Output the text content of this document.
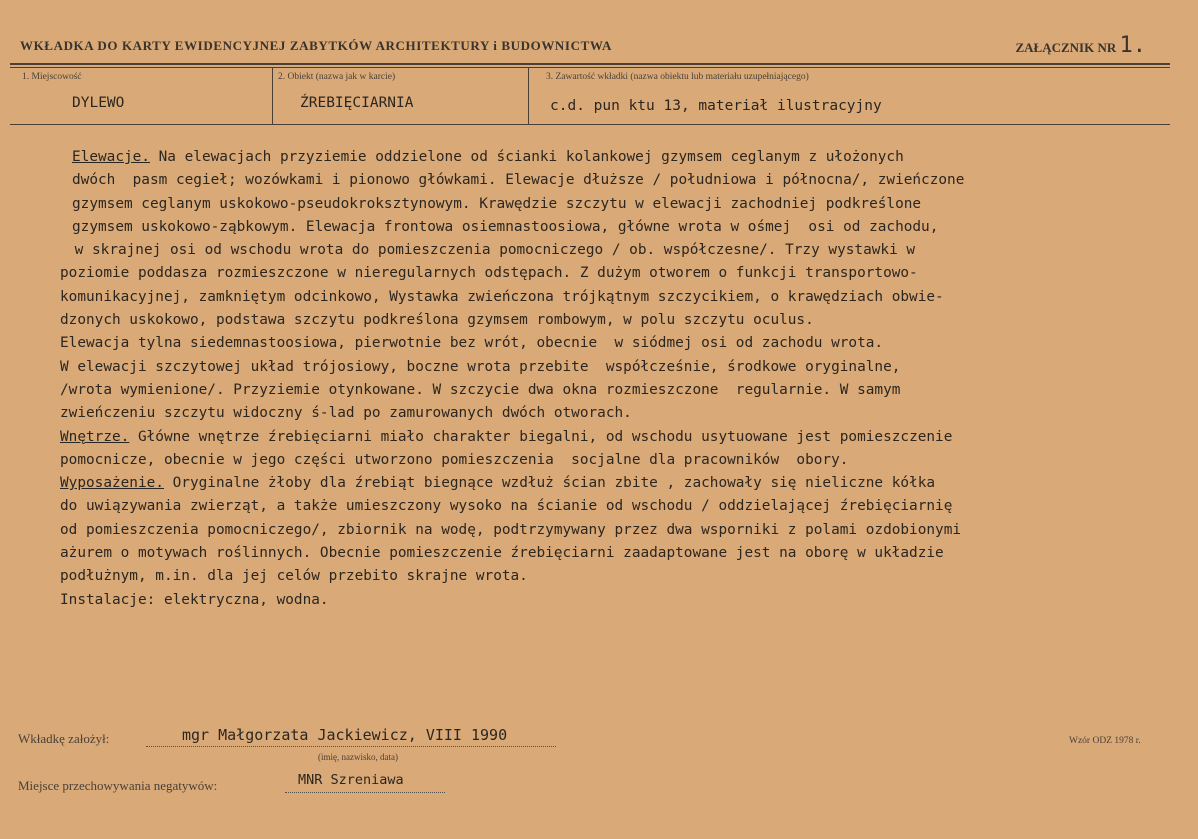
WKŁADKA DO KARTY EWIDENCYJNEJ ZABYTKÓW ARCHITEKTURY i BUDOWNICTWA	ZAŁĄCZNIK NR 1.
1. Miejscowość
DYLEWO
2. Obiekt (nazwa jak w karcie)
ŹREBIĘCIARNIA
3. Zawartość wkładki (nazwa obiektu lub materiału uzupełniającego)
c.d. pun ktu 13, materiał ilustracyjny

Elewacje. Na elewacjach przyziemie oddzielone od ścianki kolankowej gzymsem ceglanym z ułożonych

dwóch  pasm cegieł; wozówkami i pionowo główkami. Elewacje dłuższe / południowa i północna/, zwieńczone

gzymsem ceglanym uskokowo-pseudokroksztynowym. Krawędzie szczytu w elewacji zachodniej podkreślone

gzymsem uskokowo-ząbkowym. Elewacja frontowa osiemnastoosiowa, główne wrota w ośmej  osi od zachodu,

w skrajnej osi od wschodu wrota do pomieszczenia pomocniczego / ob. współczesne/. Trzy wystawki w

poziomie poddasza rozmieszczone w nieregularnych odstępach. Z dużym otworem o funkcji transportowo-

komunikacyjnej, zamkniętym odcinkowo, Wystawka zwieńczona trójkątnym szczycikiem, o krawędziach obwie-

dzonych uskokowo, podstawa szczytu podkreślona gzymsem rombowym, w polu szczytu oculus.

Elewacja tylna siedemnastoosiowa, pierwotnie bez wrót, obecnie  w siódmej osi od zachodu wrota.

W elewacji szczytowej układ trójosiowy, boczne wrota przebite  współcześnie, środkowe oryginalne,

/wrota wymienione/. Przyziemie otynkowane. W szczycie dwa okna rozmieszczone  regularnie. W samym

zwieńczeniu szczytu widoczny ś-lad po zamurowanych dwóch otworach.

Wnętrze. Główne wnętrze źrebięciarni miało charakter biegalni, od wschodu usytuowane jest pomieszczenie

pomocnicze, obecnie w jego części utworzono pomieszczenia  socjalne dla pracowników  obory.

Wyposażenie. Oryginalne żłoby dla źrebiąt biegnące wzdłuż ścian zbite , zachowały się nieliczne kółka

do uwiązywania zwierząt, a także umieszczony wysoko na ścianie od wschodu / oddzielającej źrebięciarnię

od pomieszczenia pomocniczego/, zbiornik na wodę, podtrzymywany przez dwa wsporniki z polami ozdobionymi

ażurem o motywach roślinnych. Obecnie pomieszczenie źrebięciarni zaadaptowane jest na oborę w układzie

podłużnym, m.in. dla jej celów przebito skrajne wrota.

Instalacje: elektryczna, wodna.

Wkładkę założył:	mgr Małgorzata Jackiewicz, VIII 1990
(imię, nazwisko, data)
Wzór ODZ 1978 r.
Miejsce przechowywania negatywów:	MNR Szreniawa
